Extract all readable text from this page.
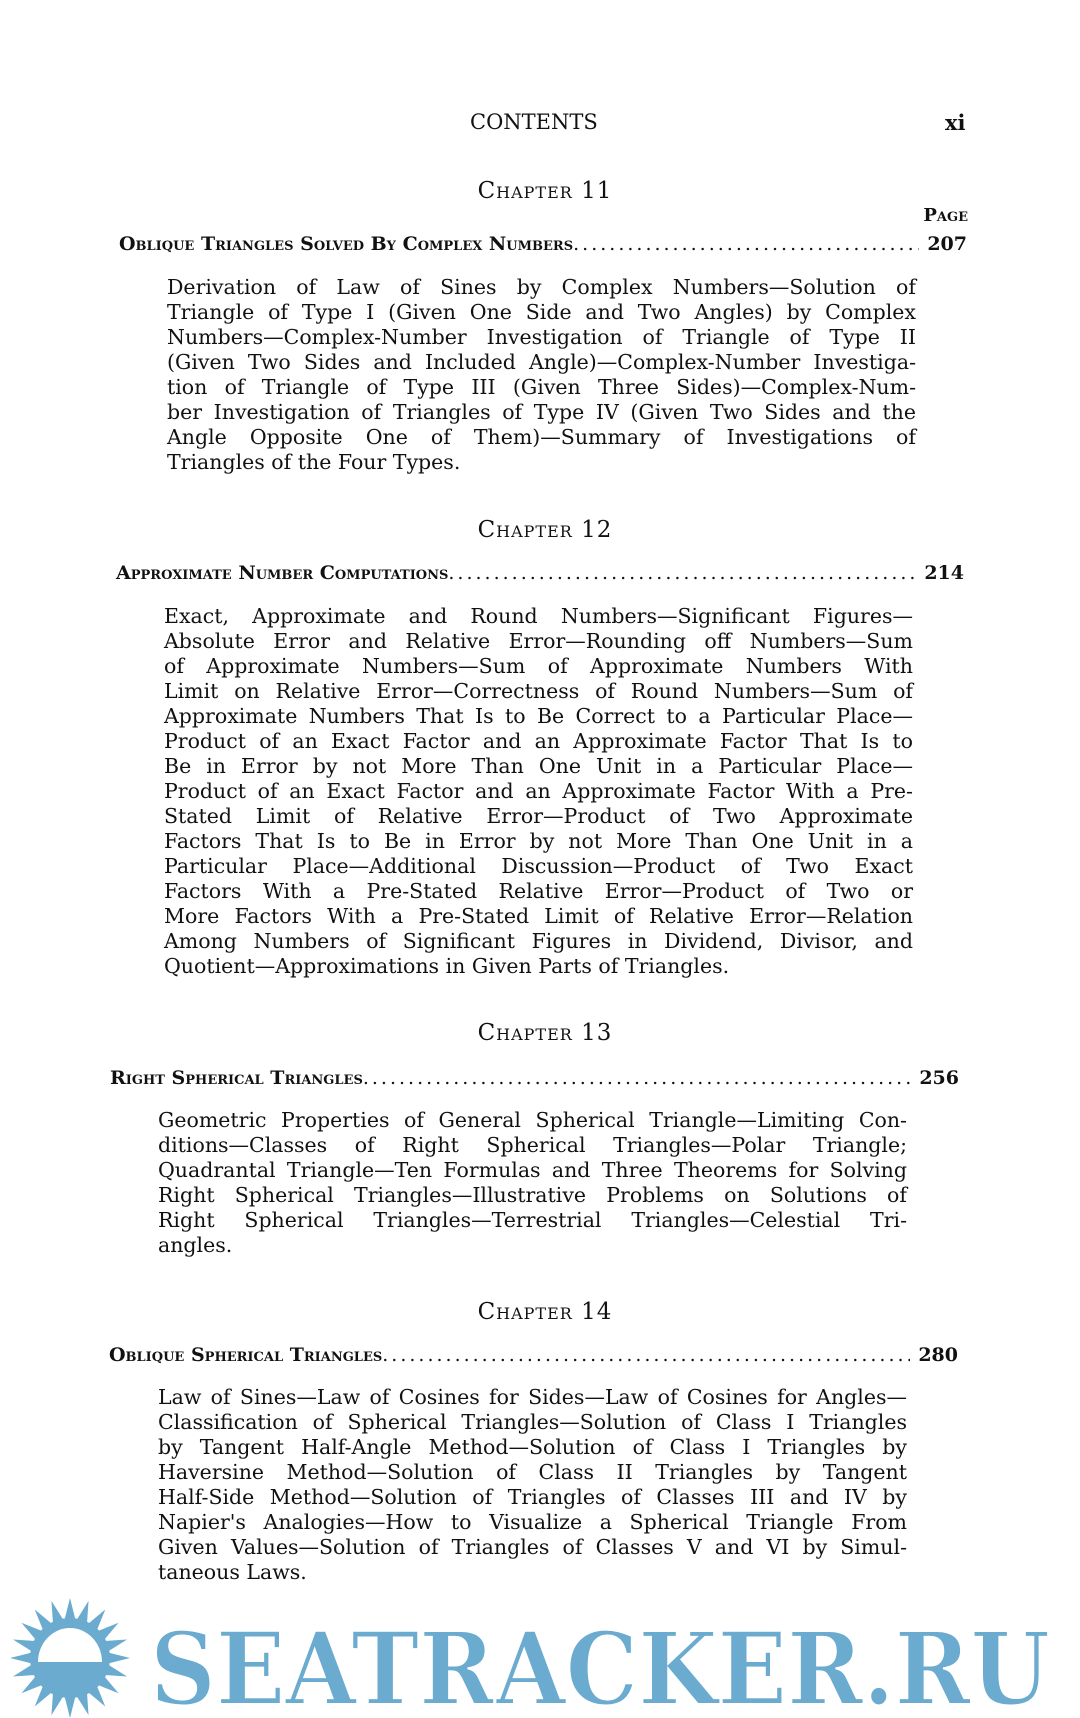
CONTENTS	xi
Page
Chapter 11
Oblique Triangles Solved By Complex Numbers .....	207
Derivation of Law of Sines by Complex Numbers—Solution of
Triangle of Type I (Given One Side and Two Angles) by Complex
Numbers—Complex-Number Investigation of Triangle of Type II
(Given Two Sides and Included Angle)—Complex-Number Investiga-
tion of Triangle of Type III (Given Three Sides)—Complex-Num-
ber Investigation of Triangles of Type IV (Given Two Sides and the
Angle Opposite One of Them)—Summary of Investigations of
Triangles of the Four Types.
Chapter 12
Approximate Number Computations .....	214
Exact, Approximate and Round Numbers—Significant Figures—
Absolute Error and Relative Error—Rounding off Numbers—Sum
of Approximate Numbers—Sum of Approximate Numbers With
Limit on Relative Error—Correctness of Round Numbers—Sum of
Approximate Numbers That Is to Be Correct to a Particular Place—
Product of an Exact Factor and an Approximate Factor That Is to
Be in Error by not More Than One Unit in a Particular Place—
Product of an Exact Factor and an Approximate Factor With a Pre-
Stated Limit of Relative Error—Product of Two Approximate
Factors That Is to Be in Error by not More Than One Unit in a
Particular Place—Additional Discussion—Product of Two Exact
Factors With a Pre-Stated Relative Error—Product of Two or
More Factors With a Pre-Stated Limit of Relative Error—Relation
Among Numbers of Significant Figures in Dividend, Divisor, and
Quotient—Approximations in Given Parts of Triangles.
Chapter 13
Right Spherical Triangles .....	256
Geometric Properties of General Spherical Triangle—Limiting Con-
ditions—Classes of Right Spherical Triangles—Polar Triangle;
Quadrantal Triangle—Ten Formulas and Three Theorems for Solving
Right Spherical Triangles—Illustrative Problems on Solutions of
Right Spherical Triangles—Terrestrial Triangles—Celestial Tri-
angles.
Chapter 14
Oblique Spherical Triangles .....	280
Law of Sines—Law of Cosines for Sides—Law of Cosines for Angles—
Classification of Spherical Triangles—Solution of Class I Triangles
by Tangent Half-Angle Method—Solution of Class I Triangles by
Haversine Method—Solution of Class II Triangles by Tangent
Half-Side Method—Solution of Triangles of Classes III and IV by
Napier's Analogies—How to Visualize a Spherical Triangle From
Given Values—Solution of Triangles of Classes V and VI by Simul-
taneous Laws.
SEATRACKER.RU
